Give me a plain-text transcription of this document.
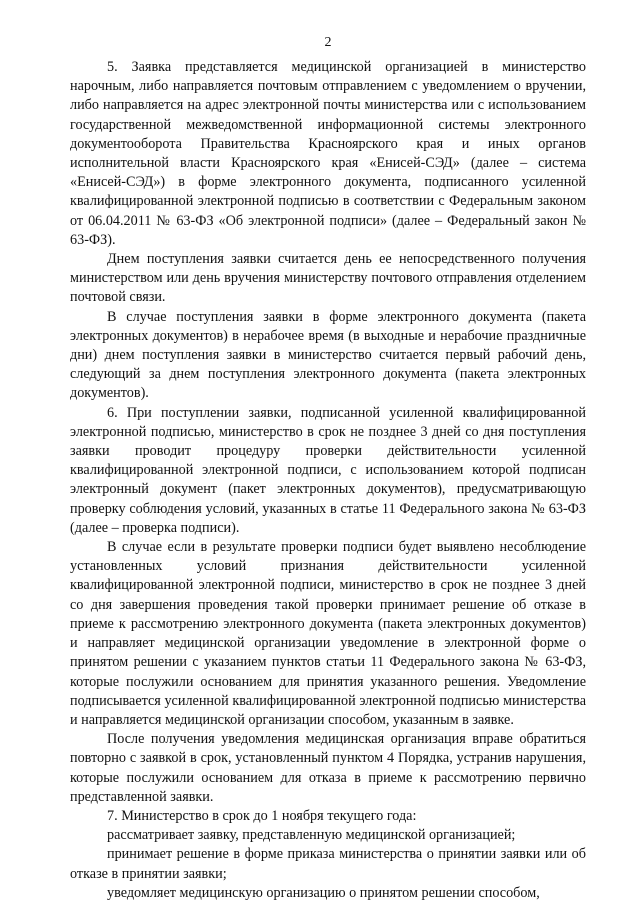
2

5. Заявка представляется медицинской организацией в министерство нарочным, либо направляется почтовым отправлением с уведомлением о вручении, либо направляется на адрес электронной почты министерства или с использованием государственной межведомственной информационной системы электронного документооборота Правительства Красноярского края и иных органов исполнительной власти Красноярского края «Енисей-СЭД» (далее – система «Енисей-СЭД») в форме электронного документа, подписанного усиленной квалифицированной электронной подписью в соответствии с Федеральным законом от 06.04.2011 № 63-ФЗ «Об электронной подписи» (далее – Федеральный закон № 63-ФЗ).

Днем поступления заявки считается день ее непосредственного получения министерством или день вручения министерству почтового отправления отделением почтовой связи.

В случае поступления заявки в форме электронного документа (пакета электронных документов) в нерабочее время (в выходные и нерабочие праздничные дни) днем поступления заявки в министерство считается первый рабочий день, следующий за днем поступления электронного документа (пакета электронных документов).

6. При поступлении заявки, подписанной усиленной квалифицированной электронной подписью, министерство в срок не позднее 3 дней со дня поступления заявки проводит процедуру проверки действительности усиленной квалифицированной электронной подписи, с использованием которой подписан электронный документ (пакет электронных документов), предусматривающую проверку соблюдения условий, указанных в статье 11 Федерального закона № 63-ФЗ (далее – проверка подписи).

В случае если в результате проверки подписи будет выявлено несоблюдение установленных условий признания действительности усиленной квалифицированной электронной подписи, министерство в срок не позднее 3 дней со дня завершения проведения такой проверки принимает решение об отказе в приеме к рассмотрению электронного документа (пакета электронных документов) и направляет медицинской организации уведомление в электронной форме о принятом решении с указанием пунктов статьи 11 Федерального закона № 63-ФЗ, которые послужили основанием для принятия указанного решения. Уведомление подписывается усиленной квалифицированной электронной подписью министерства и направляется медицинской организации способом, указанным в заявке.

После получения уведомления медицинская организация вправе обратиться повторно с заявкой в срок, установленный пунктом 4 Порядка, устранив нарушения, которые послужили основанием для отказа в приеме к рассмотрению первично представленной заявки.

7. Министерство в срок до 1 ноября текущего года:

рассматривает заявку, представленную медицинской организацией;

принимает решение в форме приказа министерства о принятии заявки или об отказе в принятии заявки;

уведомляет медицинскую организацию о принятом решении способом,
